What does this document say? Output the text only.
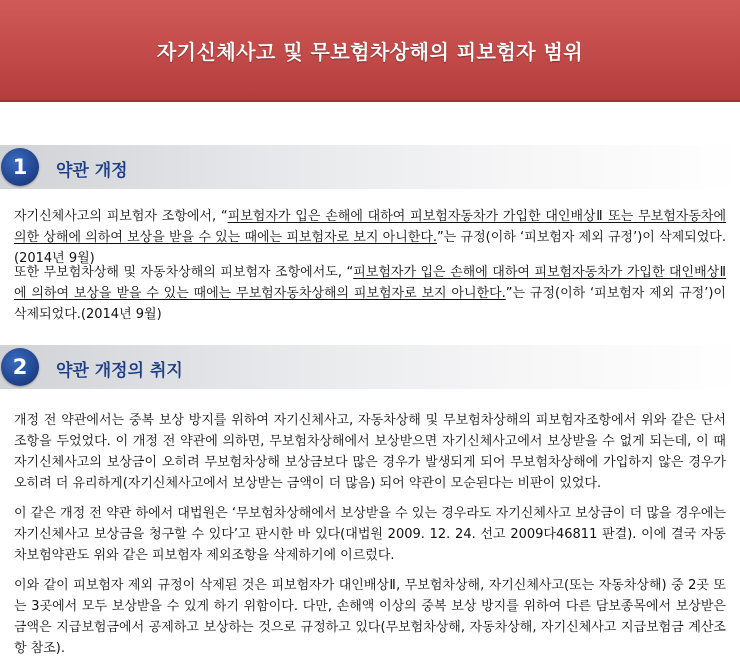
자기신체사고 및 무보험차상해의 피보험자 범위
1	약관 개정

자기신체사고의 피보험자 조항에서, “피보험자가 입은 손해에 대하여 피보험자동차가 가입한 대인배상Ⅱ 또는 무보험자동차에 의한 상해에 의하여 보상을 받을 수 있는 때에는 피보험자로 보지 아니한다.”는 규정(이하 ‘피보험자 제외 규정’)이 삭제되었다.(2014년 9월)

또한 무보험차상해 및 자동차상해의 피보험자 조항에서도, “피보험자가 입은 손해에 대하여 피보험자동차가 가입한 대인배상Ⅱ에 의하여 보상을 받을 수 있는 때에는 무보험자동차상해의 피보험자로 보지 아니한다.”는 규정(이하 ‘피보험자 제외 규정’)이 삭제되었다.(2014년 9월)

2	약관 개정의 취지

개정 전 약관에서는 중복 보상 방지를 위하여 자기신체사고, 자동차상해 및 무보험차상해의 피보험자조항에서 위와 같은 단서조항을 두었었다. 이 개정 전 약관에 의하면, 무보험차상해에서 보상받으면 자기신체사고에서 보상받을 수 없게 되는데, 이 때 자기신체사고의 보상금이 오히려 무보험차상해 보상금보다 많은 경우가 발생되게 되어 무보험차상해에 가입하지 않은 경우가 오히려 더 유리하게(자기신체사고에서 보상받는 금액이 더 많음) 되어 약관이 모순된다는 비판이 있었다.

이 같은 개정 전 약관 하에서 대법원은 ‘무보험차상해에서 보상받을 수 있는 경우라도 자기신체사고 보상금이 더 많을 경우에는 자기신체사고 보상금을 청구할 수 있다’고 판시한 바 있다(대법원 2009. 12. 24. 선고 2009다46811 판결). 이에 결국 자동차보험약관도 위와 같은 피보험자 제외조항을 삭제하기에 이르렀다.

이와 같이 피보험자 제외 규정이 삭제된 것은 피보험자가 대인배상Ⅱ, 무보험차상해, 자기신체사고(또는 자동차상해) 중 2곳 또는 3곳에서 모두 보상받을 수 있게 하기 위함이다. 다만, 손해액 이상의 중복 보상 방지를 위하여 다른 담보종목에서 보상받은 금액은 지급보험금에서 공제하고 보상하는 것으로 규정하고 있다(무보험차상해, 자동차상해, 자기신체사고 지급보험금 계산조항 참조).
